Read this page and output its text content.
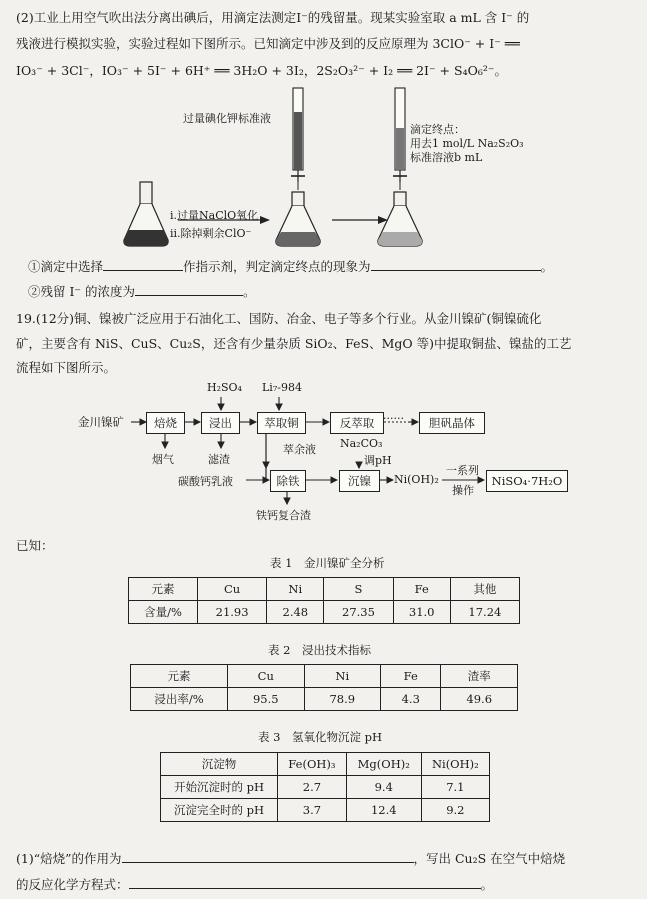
(2)工业上用空气吹出法分离出碘后，用滴定法测定I⁻的残留量。现某实验室取 a mL 含 I⁻ 的
残液进行模拟实验，实验过程如下图所示。已知滴定中涉及到的反应原理为 3ClO⁻ + I⁻ ══
IO₃⁻ + 3Cl⁻，IO₃⁻ + 5I⁻ + 6H⁺ ══ 3H₂O + 3I₂，2S₂O₃²⁻ + I₂ ══ 2I⁻ + S₄O₆²⁻。
过量碘化钾标准液
滴定终点：
用去1 mol/L Na₂S₂O₃
标准溶液b mL
i.过量NaClO氧化
ii.除掉剩余ClO⁻
①滴定中选择	作指示剂，判定滴定终点的现象为	。
②残留 I⁻ 的浓度为	。
19.(12分)铜、镍被广泛应用于石油化工、国防、冶金、电子等多个行业。从金川镍矿(铜镍硫化
矿，主要含有 NiS、CuS、Cu₂S，还含有少量杂质 SiO₂、FeS、MgO 等)中提取铜盐、镍盐的工艺
流程如下图所示。
金川镍矿	焙烧	浸出	萃取铜	反萃取 ······	胆矾晶体
H₂SO₄ Li₇-984
烟气	滤渣
萃余液 Na₂CO₃
调pH
碳酸钙乳液	除铁	沉镍	Ni(OH)₂
一系列
操作
NiSO₄·7H₂O
铁钙复合渣
已知：
表 1　金川镍矿全分析
元素	Cu	Ni	S	Fe	其他
含量/%	21.93	2.48	27.35	31.0	17.24
表 2　浸出技术指标
元素	Cu	Ni	Fe	渣率
浸出率/%	95.5	78.9	4.3	49.6
表 3　氢氧化物沉淀 pH
沉淀物	Fe(OH)₃	Mg(OH)₂	Ni(OH)₂
开始沉淀时的 pH	2.7	9.4	7.1
沉淀完全时的 pH	3.7	12.4	9.2
(1)“焙烧”的作用为	，写出 Cu₂S 在空气中焙烧
的反应化学方程式：	。
